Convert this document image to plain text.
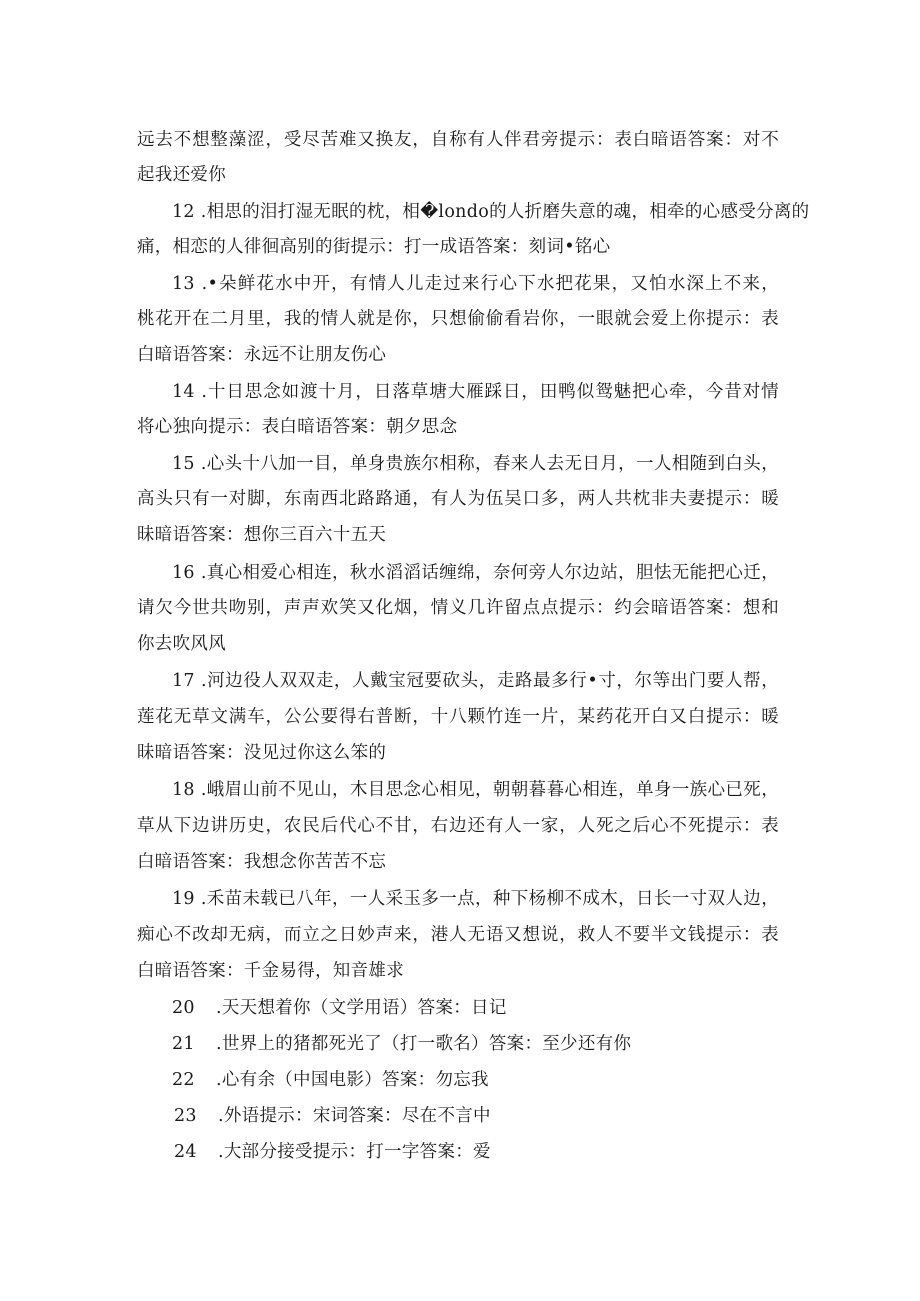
远去不想整藻涩，受尽苦难又换友，自称有人伴君旁提示：表白暗语答案：对不
起我还爱你
12 .相思的泪打湿无眠的枕，相�londo的人折磨失意的魂，相牵的心感受分离的
痛，相恋的人徘徊高别的街提示：打一成语答案：刻词•铭心
13 .•朵鲜花水中开，有情人儿走过来行心下水把花果，又怕水深上不来，
桃花开在二月里，我的情人就是你，只想偷偷看岩你，一眼就会爱上你提示：表
白暗语答案：永远不让朋友伤心
14 .十日思念如渡十月，日落草塘大雁踩日，田鸭似鸳魅把心牵，今昔对情
将心独向提示：表白暗语答案：朝夕思念
15 .心头十八加一目，单身贵族尔相称，春来人去无日月，一人相随到白头，
高头只有一对脚，东南西北路路通，有人为伍吴口多，两人共枕非夫妻提示：暖
昧暗语答案：想你三百六十五天
16 .真心相爱心相连，秋水滔滔话缠绵，奈何旁人尔边站，胆怯无能把心迁，
请欠今世共吻别，声声欢笑又化烟，情义几许留点点提示：约会暗语答案：想和
你去吹风风
17 .河边役人双双走，人戴宝冠要砍头，走路最多行•寸，尔等出门要人帮，
莲花无草文满车，公公要得右普断，十八颗竹连一片，某药花开白又白提示：暖
昧暗语答案：没见过你这么笨的
18 .峨眉山前不见山，木目思念心相见，朝朝暮暮心相连，单身一族心已死，
草从下边讲历史，农民后代心不甘，右边还有人一家，人死之后心不死提示：表
白暗语答案：我想念你苦苦不忘
19 .禾苗未载已八年，一人采玉多一点，种下杨柳不成木，日长一寸双人边，
痴心不改却无病，而立之日妙声来，港人无语又想说，救人不要半文钱提示：表
白暗语答案：千金易得，知音雄求
20 .天天想着你（文学用语）答案：日记
21 .世界上的猪都死光了（打一歌名）答案：至少还有你
22 .心有余（中国电影）答案：勿忘我
23 .外语提示：宋词答案：尽在不言中
24 .大部分接受提示：打一字答案：爱
